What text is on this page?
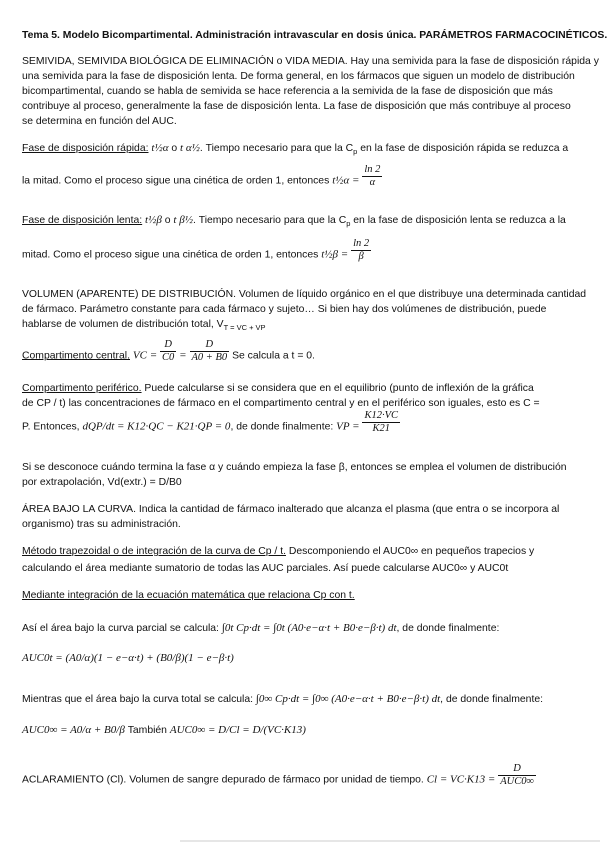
Tema 5. Modelo Bicompartimental. Administración intravascular en dosis única. PARÁMETROS FARMACOCINÉTICOS.
SEMIVIDA, SEMIVIDA BIOLÓGICA DE ELIMINACIÓN o VIDA MEDIA. Hay una semivida para la fase de disposición rápida y
una semivida para la fase de disposición lenta. De forma general, en los fármacos que siguen un modelo de distribución
bicompartimental, cuando se habla de semivida se hace referencia a la semivida de la fase de disposición que más
contribuye al proceso, generalmente la fase de disposición lenta. La fase de disposición que más contribuye al proceso
se determina en función del AUC.
Fase de disposición rápida: t½α o t α½. Tiempo necesario para que la $C_p$ en la fase de disposición rápida se reduzca a
la mitad. Como el proceso sigue una cinética de orden 1, entonces t½α = $\frac{\ln 2}{\alpha}$
Fase de disposición lenta: t½β o t β½. Tiempo necesario para que la $C_p$ en la fase de disposición lenta se reduzca a la
mitad. Como el proceso sigue una cinética de orden 1, entonces t½β = $\frac{\ln 2}{\beta}$
VOLUMEN (APARENTE) DE DISTRIBUCIÓN. Volumen de líquido orgánico en el que distribuye una determinada cantidad
de fármaco. Parámetro constante para cada fármaco y sujeto… Si bien hay dos volúmenes de distribución, puede
hablarse de volumen de distribución total, $V_{T = VC + VP}$
Compartimento central. VC = $\frac{D}{C0} = \frac{D}{A0 + B0}$ Se calcula a t = 0.
Compartimento periférico. Puede calcularse si se considera que en el equilibrio (punto de inflexión de la gráfica
de CP / t) las concentraciones de fármaco en el compartimento central y en el periférico son iguales, esto es C =
P. Entonces, dQP/dt = K12·QC − K21·QP = 0, de donde finalmente: VP = $\frac{K12\cdot VC}{K21}$
Si se desconoce cuándo termina la fase α y cuándo empieza la fase β, entonces se emplea el volumen de distribución
por extrapolación, Vd(extr.) = D/B0
ÁREA BAJO LA CURVA. Indica la cantidad de fármaco inalterado que alcanza el plasma (que entra o se incorpora al
organismo) tras su administración.
Método trapezoidal o de integración de la curva de Cp / t. Descomponiendo el AUC0∞ en pequeños trapecios y
calculando el área mediante sumatorio de todas las AUC parciales. Así puede calcularse AUC0∞ y AUC0t
Mediante integración de la ecuación matemática que relaciona Cp con t.
Así el área bajo la curva parcial se calcula: ∫0t Cp·dt = ∫0t (A0·e−α·t + B0·e−β·t) dt, de donde finalmente:
AUC0t = (A0/α)(1 − e−α·t) + (B0/β)(1 − e−β·t)
Mientras que el área bajo la curva total se calcula: ∫0∞ Cp·dt = ∫0∞ (A0·e−α·t + B0·e−β·t) dt, de donde finalmente:
AUC0∞ = A0/α + B0/β También AUC0∞ = D/Cl = D/(VC·K13)
ACLARAMIENTO (Cl). Volumen de sangre depurado de fármaco por unidad de tiempo. $Cl = VC\cdot K13 = \frac{D}{\text{AUC0∞}}$
